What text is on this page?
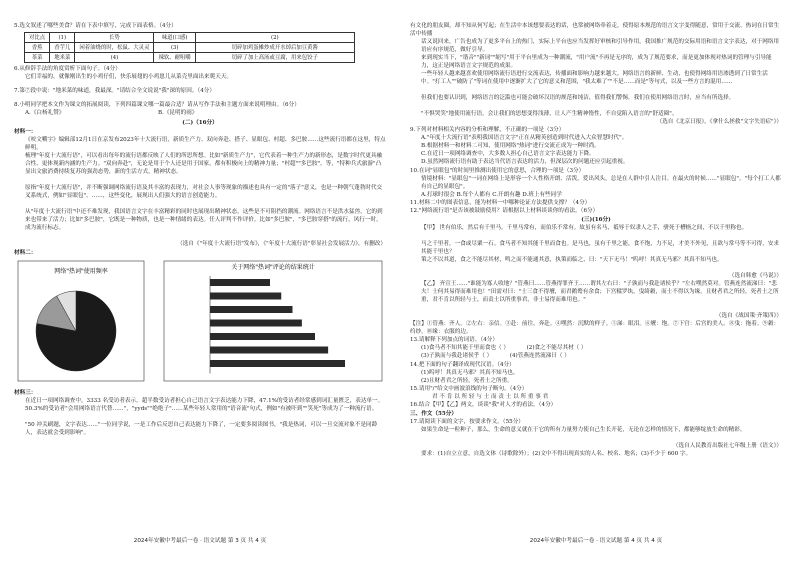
5.选文叙述了哪些美食？请在下表中填写，完成下面表格。（4分）
对比点	(1)	长势	味道(口感)	(2)
香蕉	香芋儿	闲着油烧的时，松鼠、大灵灵	(3)	切碎加鸡蛋摊炒成开水焯后加豆黄酱
茶菜	地米菜	(4)	辣软、耐咀嚼	切碎了加上高汤或豆腐，用来包饺子
6.从修辞手法的角度赏析下面句子。（4分）
它们幸福的，就像刚出生的小鸡仔们，快乐展翅的小鸡崽儿从菜壳里面出来爬天天。
7.第⑦段中说："地米菜的味道，我最深。"请结合全文说说"我"深的原因。（4分）
8.小明同学把本文作为课文的拓展阅读，下列四篇课文哪一篇最合适？请从写作手法和主题方面来说明理由。（6分）
A.《白杨礼赞》	B.《昆明的雨》
(二)（16分）
材料一：
《咬文嚼字》编辑部12月1日在京发布2023年十大流行语，新质生产力、双向奔赴、搭子、显眼包、村超、多巴胺……这些流行语都在这里，特点鲜明。
梳理"年度十大流行语"，可以看出每年的流行语都反映了人们的所思所想。比如"新质生产力"，它代表着一种生产力的新形态，是数字时代更具融合性、更体现新内涵的生产力。"双向奔赴"，无论是用于个人还是用于国家，都有积极向上的精神力量；"村超""多巴胺"，等，"特种兵式旅游"凸显出文旅消费持续复苏的强劲态势，新的生活方式，精神状态。
原指"年度十大流行语"，并不断强调网络流行语及其丰富的表现力，对社会人事等现象的描述也具有一定的"落子"意义，也是一种朝气蓬勃时代交叉系统式，例如"显眼包"。……，这些变化，展现出人们强大的语言创造能力。
从"年度十大流行语"中还不难发现，我国语言文字在丰富精彩的同时也展现出精神状态，这些是不可阻挡的潮流。网络语言不是洪水猛兽，它的到来也带来了活力；比如"多巴胺"，它既是一种物质，也是一种情绪的表达。任人评判不作评价。比如"多巴胺"，"多巴胺穿搭"的流行，风行一时，成为流行标志。
（选自《"年度十大流行语"发布》，《"年度十大流行语"彰显社会发展活力》，有删改）
材料二：
网络"热词"使用频率
关于网络"热词"评论的结果统计
材料三：
在近日一项网络调查中，3333 名受访者表示，超半数受访者担心自己语言文字表达能力下降，47.1%的受访者经常感到词汇量匮乏，表达单一。50.3%的受访者"会用网络语言代替……"，"yyds""绝绝子"……某些年轻人常用的"语音流"句式，例如"有被吓到""笑死"等成为了一种流行语。
"50 冲关刷题，文字表达……"一位同学说，一是工作后反思自己表达能力下降了，一定要多阅读图书，"我是热词，可以一旦交流对象不是同龄人，表达就会受到影响"。
有文化的朋友圈，却不知从何写起；在生活中本该想要表达的话，也常被网络牵着走，使得原本规范的语言文字变得随意，常用于交流、热词在日常生活中传播
话又说回来，广告也成为了更多平台上的热门，实际上平台也应当发挥好审核和引导作用。我国推广规范的交际用语和语言文字表达，对于网络用语应有序规范，做好引导。
来到现实当下，"谐音""新词""缩写"用于平台里成为一种潮流，"用户流"不再是无序的，成为了规范要求，而是更加体现对热词的管理与引导能力，这正是网络语言文字规范的成果。
一些年轻人越来越喜欢使用网络流行语进行交流表达，传播面和影响力越来越大。网络语言的新鲜、生动，也使得网络用语渗透到了日常生活中。"打工人""破防了"等词在使用中逐渐扩大了它的意义和范围，"我太难了""不是……而是"等句式，以及一些方言的混用……
但我们也要认识到，网络语言的泛滥也可能会破坏汉语的规范和纯洁，值得我们警惕。我们在使用网络语言时，应当有所选择。
"不惧哭笑"地使用流行语，会让我们的思想变得浅薄，让人产生精神惰性，不自觉陷入语言的"舒适圈"。
（选自《北京日报》，《拿什么拯救"文字失语症"》）
9.下列对材料相关内容的分析和理解，不正确的一项是（3分）
A."年度十大流行语"表明我国语言文字"正在从精英创造到时代进入大众智慧时代"。
B.根据材料一和材料二可知，使用网络"热词"进行交流正成为一种时尚。
C.在近日一项网络调查中，大多数人担心自己语言文字表达能力下降。
D.虽然网络流行语有助于表达当代语言表达的活力，但深层次的问题还应引起重视。
10.在词"显眼包"的时间里推测出使用它的意思，合理的一项是（3分）
情境材料："显眼包"一词在网络上是形容一个人性格开朗、活泼，爱出风头，总是在人群中引人注目。在最火的时候……"显眼包"。"每个打工人都有自己的显眼包"。
A.打球时很会 B.每个人都有 C.开朗有趣 D.班上有些同学
11.材料二中的图表信息，能为材料一中哪种论证方法提供支撑？（4分）
12."网络流行语"是否该被鼓励使用？请根据以上材料谈谈你的看法。（6分）
(三)(16分)
【甲】 世有伯乐，然后有千里马。千里马常有，而伯乐不常有。故虽有名马，祗辱于奴隶人之手，骈死于槽枥之间，不以千里称也。
马之千里者，一食或尽粟一石。食马者不知其能千里而食也。是马也，虽有千里之能，食不饱，力不足，才美不外见，且欲与常马等不可得，安求其能千里也？
策之不以其道，食之不能尽其材，鸣之而不能通其意，执策而临之，曰："天下无马！"呜呼！其真无马邪？其真不知马也。
（选自韩愈《马说》）
【乙】 齐宣王……"谁能为寡人收地？"管燕曰……管燕得罪齐王……谓其左右曰："子孰而与我赴诸侯乎？"左右嘿然莫对。管燕连然流涕曰："悲夫！士何其易得而难用也！"田需对曰："士三食不得餍，而君鹅鹜有余食；下宫糅罗纨，曳绮縠，而士不得以为缘。且财者君之所轻，死者士之所重，君不肯以所轻与士，而责士以所重事君，非士易得而难用也。"
（选自《战国策·齐策四》）
【注】①管燕：齐人。②左右：亲信。③赴：前往，奔赴。④嘿然：沉默的样子。⑤涕：眼泪。⑥餍：饱。⑦下宫：后宫的美人。⑧曳：拖着。⑨縠：绉纱。⑩缘：衣服的边。
13.请解释下列加点的词语。（4分）
(1)食马者不知其能千里而食也（ ）	(2)食之不能尽其材（ ）
(3)子孰而与我赴诸侯乎（ ）	(4)管燕连然流涕曰（ ）
14.把下面的句子翻译成现代汉语。（4分）
(1)呜呼！其真无马邪？其真不知马也。
(2)且财者君之所轻，死者士之所重。
15.请用"/"给文中画波浪线的句子断句。（4分）
君 不 肯 以 所 轻 与 士 而 责 士 以 所 重 事 君
16.结合【甲】【乙】两文，谈谈"我"对人才的看法。（4分）
三、作文（55分）
17.请阅读下面的文字，按要求作文。（55分）
如果生命是一粒种子，那么，生命的意义就在于它的所有力量努力使自己生长开花，无论在怎样的情况下，都能够绽放生命的精彩。
（选自人民教育出版社七年级上册《语文》）
要求：(1)自立立意，自选文体（诗歌除外）；(2)文中不得出现真实的人名、校名、地名；(3)不少于 600 字。
2024年安徽中考最后一卷 · 语文试题 第 3 页 共 4 页	2024年安徽中考最后一卷 · 语文试题 第 4 页 共 4 页
